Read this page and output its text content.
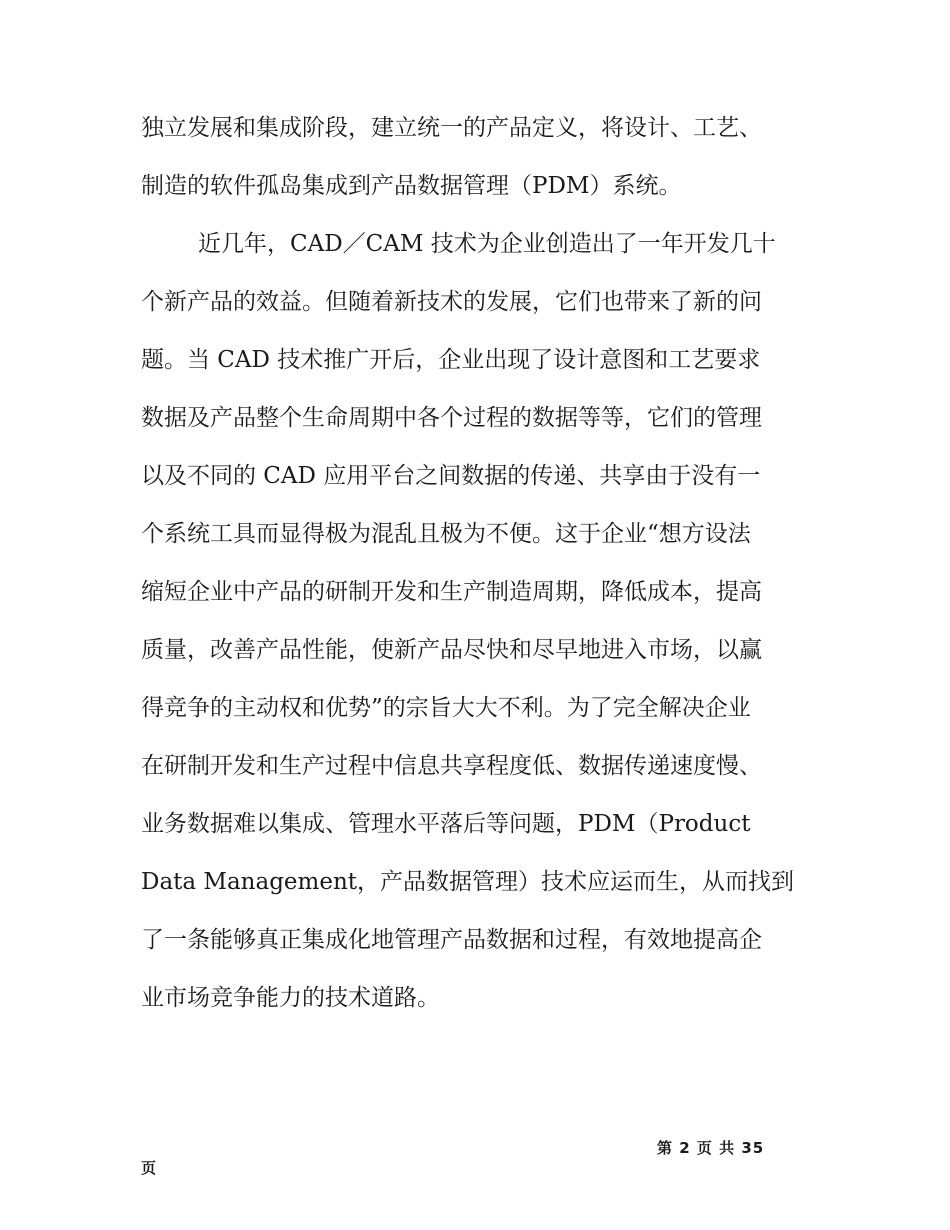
独立发展和集成阶段，建立统一的产品定义，将设计、工艺、
制造的软件孤岛集成到产品数据管理（PDM）系统。
近几年，CAD／CAM 技术为企业创造出了一年开发几十
个新产品的效益。但随着新技术的发展，它们也带来了新的问
题。当 CAD 技术推广开后，企业出现了设计意图和工艺要求
数据及产品整个生命周期中各个过程的数据等等，它们的管理
以及不同的 CAD 应用平台之间数据的传递、共享由于没有一
个系统工具而显得极为混乱且极为不便。这于企业“想方设法
缩短企业中产品的研制开发和生产制造周期，降低成本，提高
质量，改善产品性能，使新产品尽快和尽早地进入市场，以赢
得竞争的主动权和优势”的宗旨大大不利。为了完全解决企业
在研制开发和生产过程中信息共享程度低、数据传递速度慢、
业务数据难以集成、管理水平落后等问题，PDM（Product
Data Management，产品数据管理）技术应运而生，从而找到
了一条能够真正集成化地管理产品数据和过程，有效地提高企
业市场竞争能力的技术道路。
第 2 页 共 35
页
